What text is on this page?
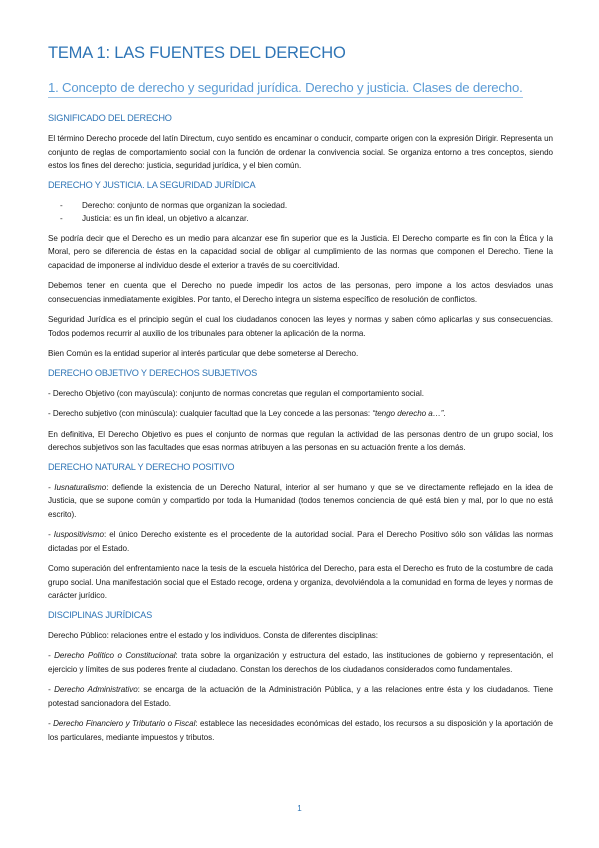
TEMA 1: LAS FUENTES DEL DERECHO
1. Concepto de derecho y seguridad jurídica. Derecho y justicia. Clases de derecho.
SIGNIFICADO DEL DERECHO

El término Derecho procede del latín Directum, cuyo sentido es encaminar o conducir, comparte origen con la expresión Dirigir. Representa un conjunto de reglas de comportamiento social con la función de ordenar la convivencia social. Se organiza entorno a tres conceptos, siendo estos los fines del derecho: justicia, seguridad jurídica, y el bien común.

DERECHO Y JUSTICIA. LA SEGURIDAD JURÍDICA
- Derecho: conjunto de normas que organizan la sociedad.
- Justicia: es un fin ideal, un objetivo a alcanzar.

Se podría decir que el Derecho es un medio para alcanzar ese fin superior que es la Justicia. El Derecho comparte es fin con la Ética y la Moral, pero se diferencia de éstas en la capacidad social de obligar al cumplimiento de las normas que componen el Derecho. Tiene la capacidad de imponerse al individuo desde el exterior a través de su coercitividad.

Debemos tener en cuenta que el Derecho no puede impedir los actos de las personas, pero impone a los actos desviados unas consecuencias inmediatamente exigibles. Por tanto, el Derecho integra un sistema específico de resolución de conflictos.

Seguridad Jurídica es el principio según el cual los ciudadanos conocen las leyes y normas y saben cómo aplicarlas y sus consecuencias. Todos podemos recurrir al auxilio de los tribunales para obtener la aplicación de la norma.

Bien Común es la entidad superior al interés particular que debe someterse al Derecho.

DERECHO OBJETIVO Y DERECHOS SUBJETIVOS

- Derecho Objetivo (con mayúscula): conjunto de normas concretas que regulan el comportamiento social.

- Derecho subjetivo (con minúscula): cualquier facultad que la Ley concede a las personas: “tengo derecho a…”.

En definitiva, El Derecho Objetivo es pues el conjunto de normas que regulan la actividad de las personas dentro de un grupo social, los derechos subjetivos son las facultades que esas normas atribuyen a las personas en su actuación frente a los demás.

DERECHO NATURAL Y DERECHO POSITIVO

- Iusnaturalismo: defiende la existencia de un Derecho Natural, interior al ser humano y que se ve directamente reflejado en la idea de Justicia, que se supone común y compartido por toda la Humanidad (todos tenemos conciencia de qué está bien y mal, por lo que no está escrito).

- Iuspositivismo: el único Derecho existente es el procedente de la autoridad social. Para el Derecho Positivo sólo son válidas las normas dictadas por el Estado.

Como superación del enfrentamiento nace la tesis de la escuela histórica del Derecho, para esta el Derecho es fruto de la costumbre de cada grupo social. Una manifestación social que el Estado recoge, ordena y organiza, devolviéndola a la comunidad en forma de leyes y normas de carácter jurídico.

DISCIPLINAS JURÍDICAS

Derecho Público: relaciones entre el estado y los individuos. Consta de diferentes disciplinas:

- Derecho Político o Constitucional: trata sobre la organización y estructura del estado, las instituciones de gobierno y representación, el ejercicio y límites de sus poderes frente al ciudadano. Constan los derechos de los ciudadanos considerados como fundamentales.

- Derecho Administrativo: se encarga de la actuación de la Administración Pública, y a las relaciones entre ésta y los ciudadanos. Tiene potestad sancionadora del Estado.

- Derecho Financiero y Tributario o Fiscal: establece las necesidades económicas del estado, los recursos a su disposición y la aportación de los particulares, mediante impuestos y tributos.

1
